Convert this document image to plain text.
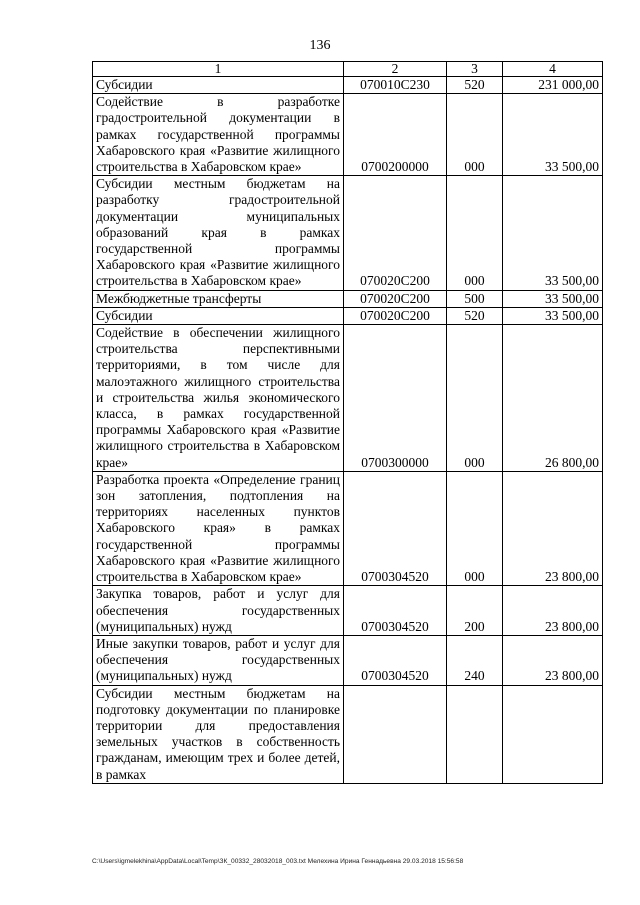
136
1	2	3	4
Субсидии	070010С230	520	231 000,00
Содействие в разработке градостроительной документации в рамках государственной программы Хабаровского края «Развитие жилищного строительства в Хабаровском крае»	0700200000	000	33 500,00
Субсидии местным бюджетам на разработку градостроительной документации муниципальных образований края в рамках государственной программы Хабаровского края «Развитие жилищного строительства в Хабаровском крае»	070020С200	000	33 500,00
Межбюджетные трансферты	070020С200	500	33 500,00
Субсидии	070020С200	520	33 500,00
Содействие в обеспечении жилищного строительства перспективными территориями, в том числе для малоэтажного жилищного строительства и строительства жилья экономического класса, в рамках государственной программы Хабаровского края «Развитие жилищного строительства в Хабаровском крае»	0700300000	000	26 800,00
Разработка проекта «Определение границ зон затопления, подтопления на территориях населенных пунктов Хабаровского края» в рамках государственной программы Хабаровского края «Развитие жилищного строительства в Хабаровском крае»	0700304520	000	23 800,00
Закупка товаров, работ и услуг для обеспечения государственных (муниципальных) нужд	0700304520	200	23 800,00
Иные закупки товаров, работ и услуг для обеспечения государственных (муниципальных) нужд	0700304520	240	23 800,00
Субсидии местным бюджетам на подготовку документации по планировке территории для предоставления земельных участков в собственность гражданам, имеющим трех и более детей, в рамках			
C:\Users\igmelekhina\AppData\Local\Temp\ЗК_00332_28032018_003.txt Мелехина Ирина Геннадьевна 29.03.2018 15:56:58
